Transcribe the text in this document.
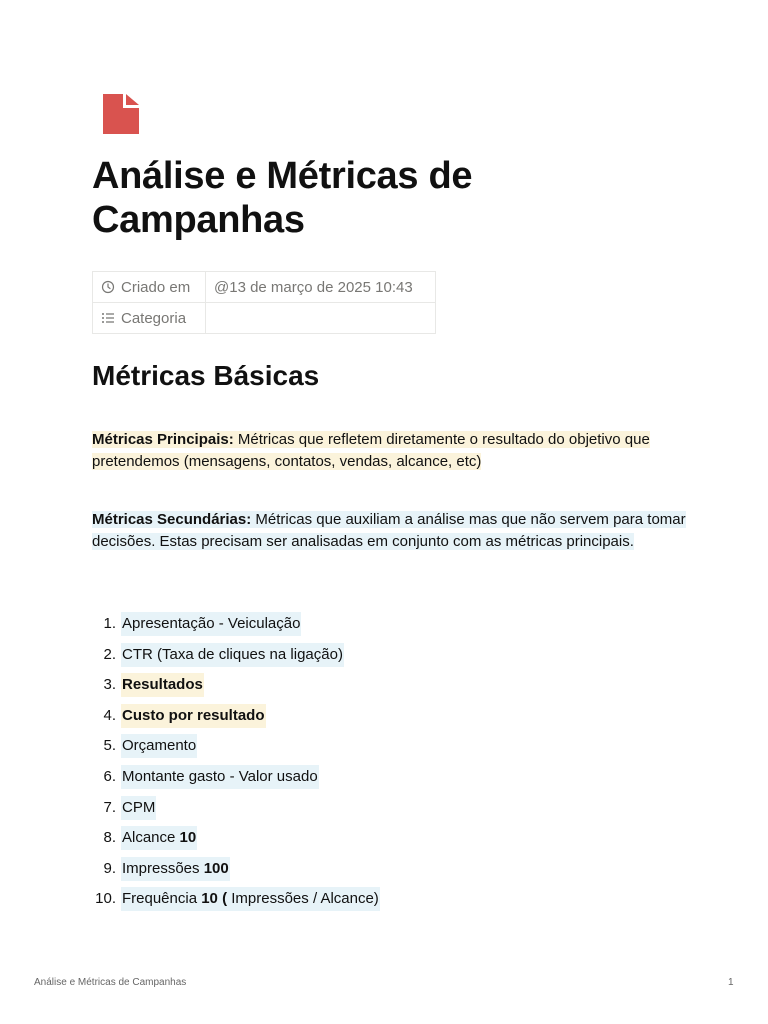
Análise e Métricas de Campanhas
Criado em	@13 de março de 2025 10:43
Categoria	
Métricas Básicas

Métricas Principais: Métricas que refletem diretamente o resultado do objetivo que pretendemos (mensagens, contatos, vendas, alcance, etc)

Métricas Secundárias: Métricas que auxiliam a análise mas que não servem para tomar decisões. Estas precisam ser analisadas em conjunto com as métricas principais.

1. Apresentação - Veiculação
2. CTR (Taxa de cliques na ligação)
3. Resultados
4. Custo por resultado
5. Orçamento
6. Montante gasto - Valor usado
7. CPM
8. Alcance 10
9. Impressões 100
10. Frequência 10 ( Impressões / Alcance)
Análise e Métricas de Campanhas	1
